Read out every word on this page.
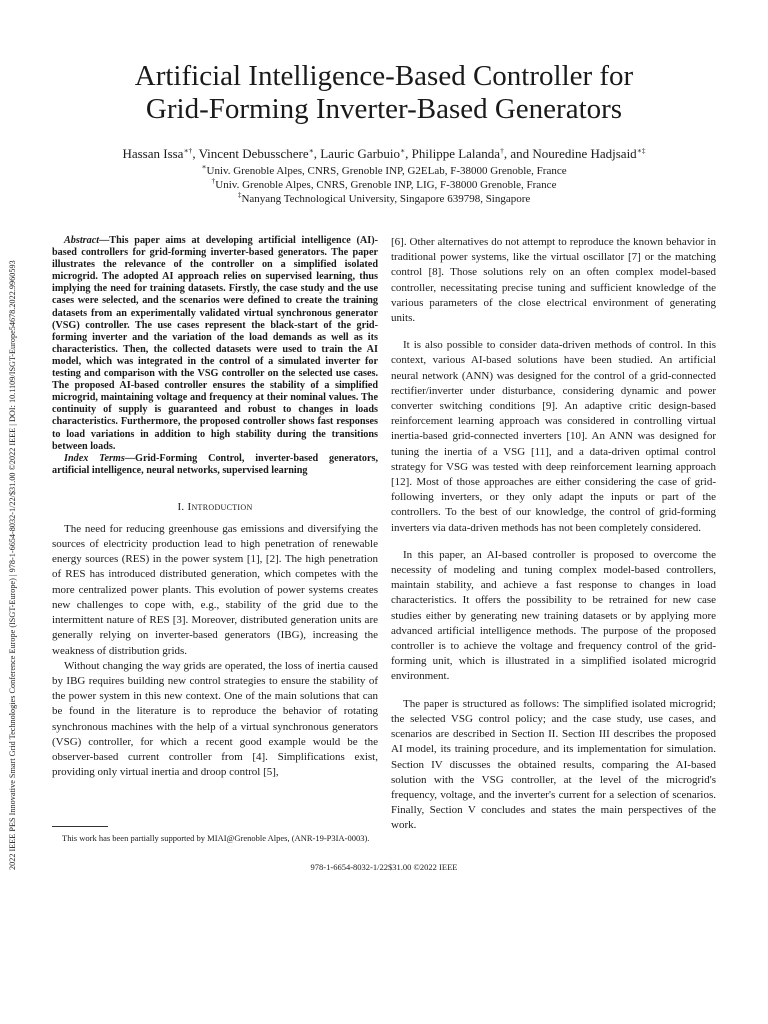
2022 IEEE PES Innovative Smart Grid Technologies Conference Europe (ISGT-Europe) | 978-1-6654-8032-1/22/$31.00 ©2022 IEEE | DOI: 10.1109/ISGT-Europe54678.2022.9960593
Artificial Intelligence-Based Controller for
Grid-Forming Inverter-Based Generators
Hassan Issa∗†, Vincent Debusschere∗, Lauric Garbuio∗, Philippe Lalanda†, and Nouredine Hadjsaid∗‡
∗Univ. Grenoble Alpes, CNRS, Grenoble INP, G2ELab, F-38000 Grenoble, France
†Univ. Grenoble Alpes, CNRS, Grenoble INP, LIG, F-38000 Grenoble, France
‡Nanyang Technological University, Singapore 639798, Singapore
Abstract—This paper aims at developing artificial intelligence (AI)-based controllers for grid-forming inverter-based generators. The paper illustrates the relevance of the controller on a simplified isolated microgrid. The adopted AI approach relies on supervised learning, thus implying the need for training datasets. Firstly, the case study and the use cases were selected, and the scenarios were defined to create the training datasets from an experimentally validated virtual synchronous generator (VSG) controller. The use cases represent the black-start of the grid-forming inverter and the variation of the load demands as well as its characteristics. Then, the collected datasets were used to train the AI model, which was integrated in the control of a simulated inverter for testing and comparison with the VSG controller on the selected use cases. The proposed AI-based controller ensures the stability of a simplified microgrid, maintaining voltage and frequency at their nominal values. The continuity of supply is guaranteed and robust to changes in loads characteristics. Furthermore, the proposed controller shows fast responses to load variations in addition to high stability during the transitions between loads.
Index Terms—Grid-Forming Control, inverter-based generators, artificial intelligence, neural networks, supervised learning
I. Introduction

The need for reducing greenhouse gas emissions and diversifying the sources of electricity production lead to high penetration of renewable energy sources (RES) in the power system [1], [2]. The high penetration of RES has introduced distributed generation, which competes with the more centralized power plants. This evolution of power systems creates new challenges to cope with, e.g., stability of the grid due to the intermittent nature of RES [3]. Moreover, distributed generation units are generally relying on inverter-based generators (IBG), increasing the weakness of distribution grids.

Without changing the way grids are operated, the loss of inertia caused by IBG requires building new control strategies to ensure the stability of the power system in this new context. One of the main solutions that can be found in the literature is to reproduce the behavior of rotating synchronous machines with the help of a virtual synchronous generators (VSG) controller, for which a recent good example would be the observer-based current controller from [4]. Simplifications exist, providing only virtual inertia and droop control [5],

[6]. Other alternatives do not attempt to reproduce the known behavior in traditional power systems, like the virtual oscillator [7] or the matching control [8]. Those solutions rely on an often complex model-based controller, necessitating precise tuning and sufficient knowledge of the various parameters of the close electrical environment of generating units.

It is also possible to consider data-driven methods of control. In this context, various AI-based solutions have been studied. An artificial neural network (ANN) was designed for the control of a grid-connected rectifier/inverter under disturbance, considering dynamic and power converter switching conditions [9]. An adaptive critic design-based reinforcement learning approach was considered in controlling virtual inertia-based grid-connected inverters [10]. An ANN was designed for tuning the inertia of a VSG [11], and a data-driven optimal control strategy for VSG was tested with deep reinforcement learning approach [12]. Most of those approaches are either considering the case of grid-following inverters, or they only adapt the inputs or part of the controllers. To the best of our knowledge, the control of grid-forming inverters via data-driven methods has not been completely considered.

In this paper, an AI-based controller is proposed to overcome the necessity of modeling and tuning complex model-based controllers, maintain stability, and achieve a fast response to changes in load characteristics. It offers the possibility to be retrained for new case studies either by generating new training datasets or by applying more advanced artificial intelligence methods. The purpose of the proposed controller is to achieve the voltage and frequency control of the grid-forming unit, which is illustrated in a simplified isolated microgrid environment.

The paper is structured as follows: The simplified isolated microgrid; the selected VSG control policy; and the case study, use cases, and scenarios are described in Section II. Section III describes the proposed AI model, its training procedure, and its implementation for simulation. Section IV discusses the obtained results, comparing the AI-based solution with the VSG controller, at the level of the microgrid's frequency, voltage, and the inverter's current for a selection of scenarios. Finally, Section V concludes and states the main perspectives of the work.

This work has been partially supported by MIAI@Grenoble Alpes, (ANR-19-P3IA-0003).
978-1-6654-8032-1/22$31.00 ©2022 IEEE
